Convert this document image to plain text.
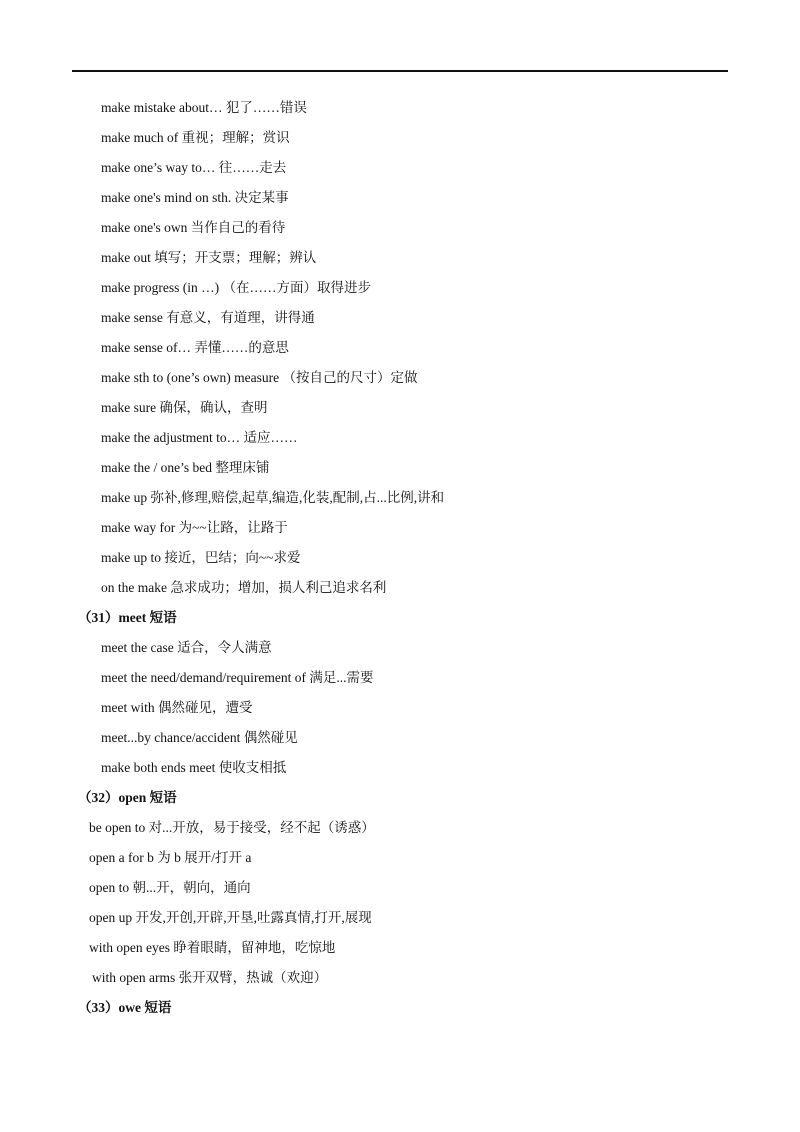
make mistake about… 犯了……错误
make much of 重视；理解；赏识
make one’s way to… 往……走去
make one's mind on sth. 决定某事
make one's own 当作自己的看待
make out 填写；开支票；理解；辨认
make progress (in …) （在……方面）取得进步
make sense 有意义，有道理，讲得通
make sense of… 弄懂……的意思
make sth to (one’s own) measure （按自己的尺寸）定做
make sure 确保，确认，查明
make the adjustment to… 适应……
make the / one’s bed 整理床铺
make up 弥补,修理,赔偿,起草,编造,化装,配制,占...比例,讲和
make way for 为~~让路，让路于
make up to 接近，巴结；向~~求爱
on the make 急求成功；增加，损人利己追求名利
（31）meet 短语
meet the case 适合，令人满意
meet the need/demand/requirement of 满足...需要
meet with 偶然碰见，遭受
meet...by chance/accident 偶然碰见
make both ends meet 使收支相抵
（32）open 短语
be open to 对...开放，易于接受，经不起（诱惑）
open a for b 为 b 展开/打开 a
open to 朝...开，朝向，通向
open up 开发,开创,开辟,开垦,吐露真情,打开,展现
with open eyes 睁着眼睛，留神地，吃惊地
with open arms 张开双臂，热诚（欢迎）
（33）owe 短语
